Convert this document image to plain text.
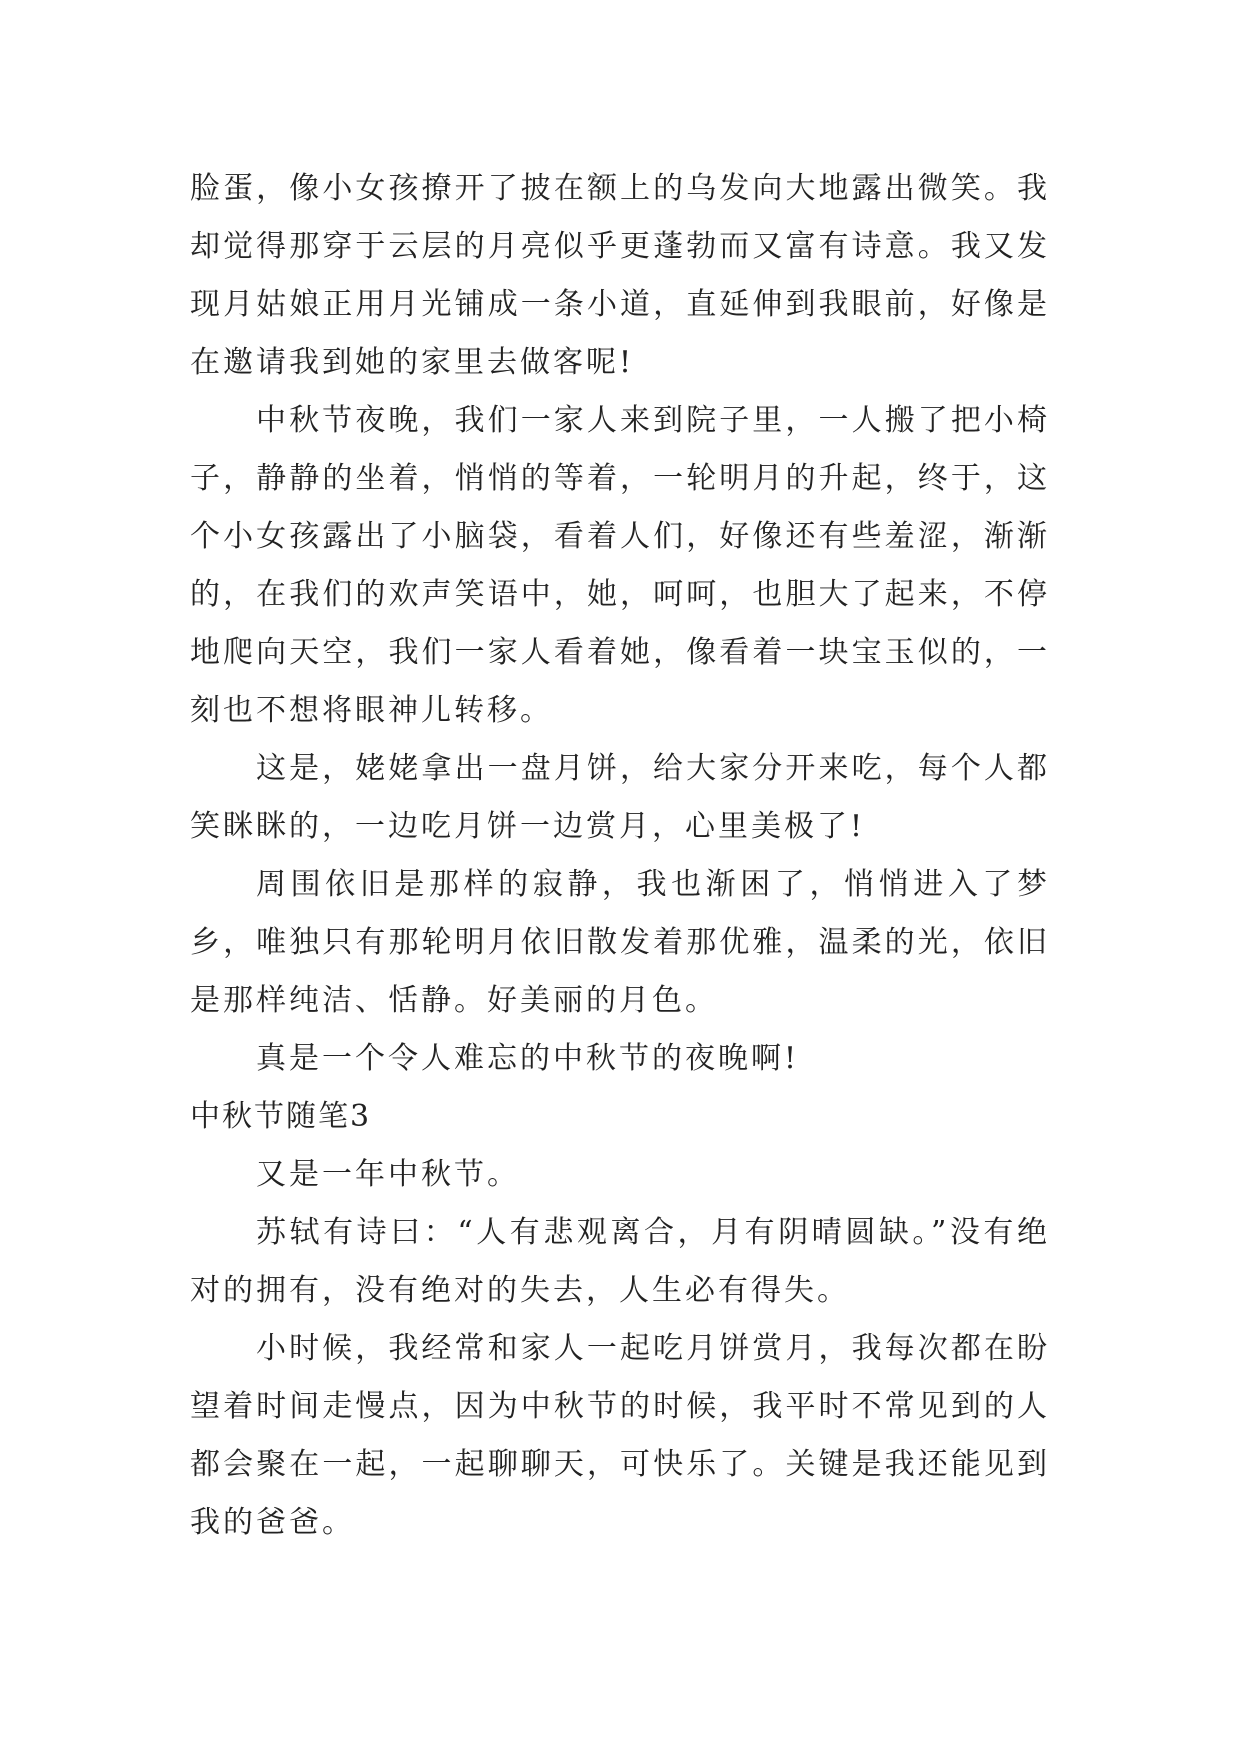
脸蛋，像小女孩撩开了披在额上的乌发向大地露出微笑。我却觉得那穿于云层的月亮似乎更蓬勃而又富有诗意。我又发现月姑娘正用月光铺成一条小道，直延伸到我眼前，好像是在邀请我到她的家里去做客呢!

中秋节夜晚，我们一家人来到院子里，一人搬了把小椅子，静静的坐着，悄悄的等着，一轮明月的升起，终于，这个小女孩露出了小脑袋，看着人们，好像还有些羞涩，渐渐的，在我们的欢声笑语中，她，呵呵，也胆大了起来，不停地爬向天空，我们一家人看着她，像看着一块宝玉似的，一刻也不想将眼神儿转移。

这是，姥姥拿出一盘月饼，给大家分开来吃，每个人都笑眯眯的，一边吃月饼一边赏月，心里美极了!

周围依旧是那样的寂静，我也渐困了，悄悄进入了梦乡，唯独只有那轮明月依旧散发着那优雅，温柔的光，依旧是那样纯洁、恬静。好美丽的月色。

真是一个令人难忘的中秋节的夜晚啊!

中秋节随笔3

又是一年中秋节。

苏轼有诗曰：“人有悲观离合，月有阴晴圆缺。”没有绝对的拥有，没有绝对的失去，人生必有得失。

小时候，我经常和家人一起吃月饼赏月，我每次都在盼望着时间走慢点，因为中秋节的时候，我平时不常见到的人都会聚在一起，一起聊聊天，可快乐了。关键是我还能见到我的爸爸。
